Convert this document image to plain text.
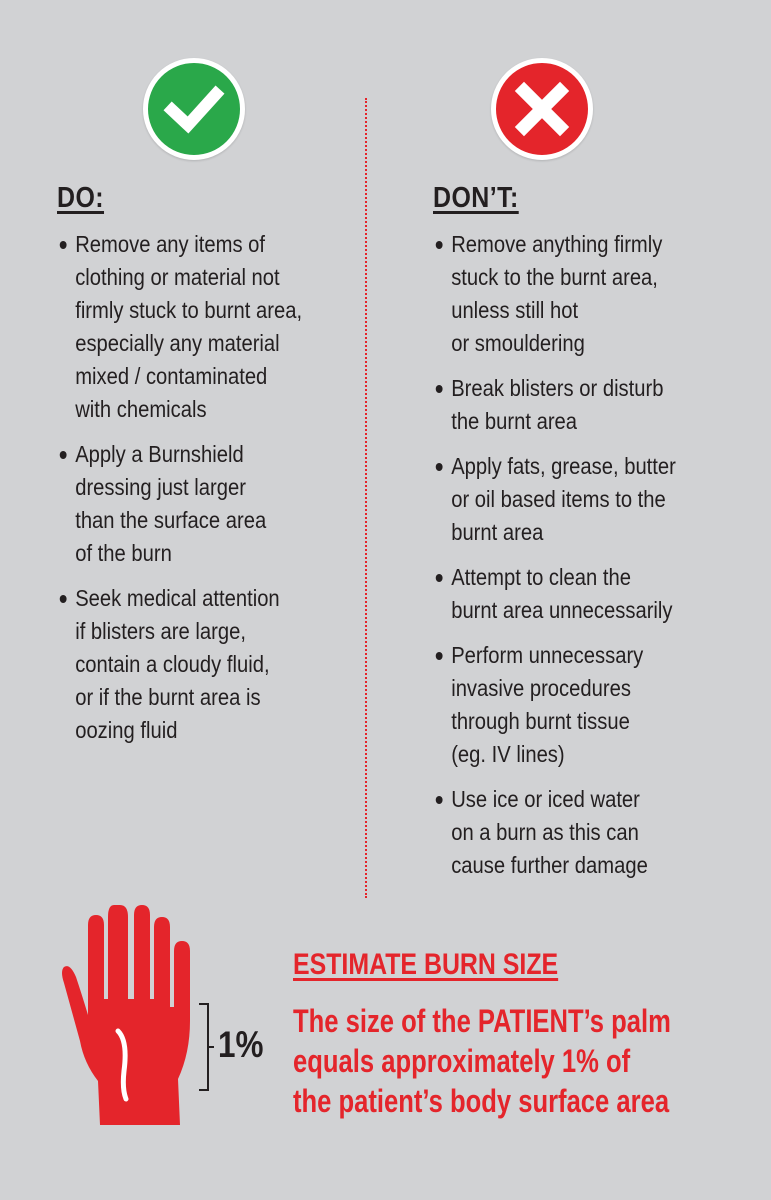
DO:
Remove any items of
clothing or material not
firmly stuck to burnt area,
especially any material
mixed / contaminated
with chemicals
Apply a Burnshield
dressing just larger
than the surface area
of the burn
Seek medical attention
if blisters are large,
contain a cloudy fluid,
or if the burnt area is
oozing fluid
DON’T:
Remove anything firmly
stuck to the burnt area,
unless still hot
or smouldering
Break blisters or disturb
the burnt area
Apply fats, grease, butter
or oil based items to the
burnt area
Attempt to clean the
burnt area unnecessarily
Perform unnecessary
invasive procedures
through burnt tissue
(eg. IV lines)
Use ice or iced water
on a burn as this can
cause further damage
1%
ESTIMATE BURN SIZE

The size of the PATIENT’s palm
equals approximately 1% of
the patient’s body surface area
